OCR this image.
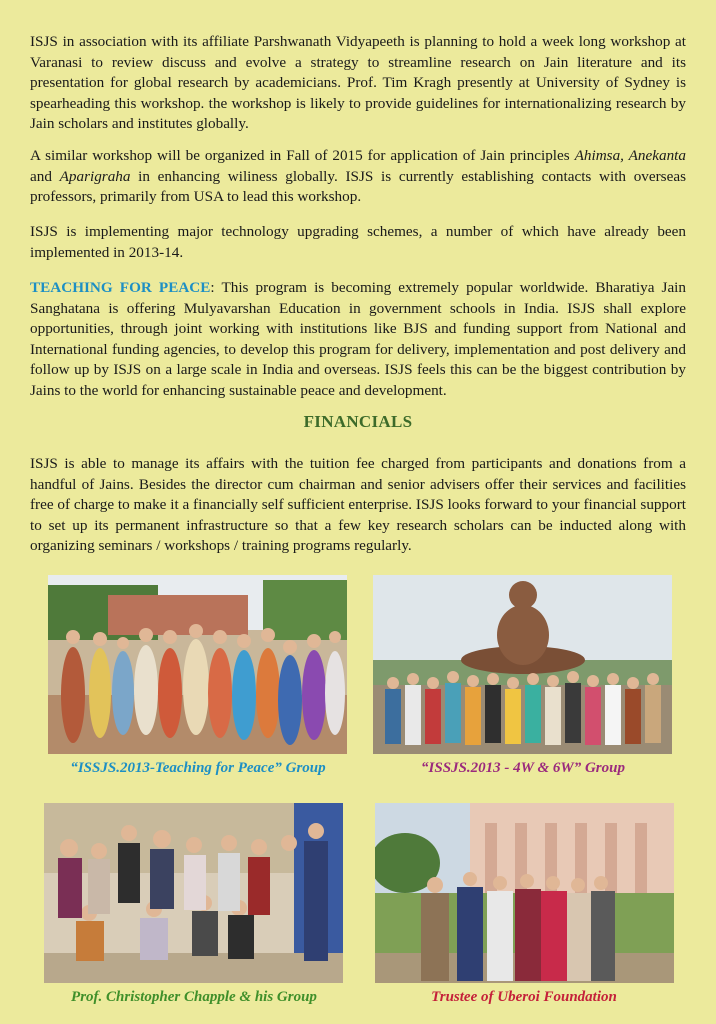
ISJS in association with its affiliate Parshwanath Vidyapeeth is planning to hold a week long workshop at Varanasi to review discuss and evolve a strategy to streamline research on Jain literature and its presentation for global research by academicians. Prof. Tim Kragh presently at University of Sydney is spearheading this workshop. the workshop is likely to provide guidelines for internationalizing research by Jain scholars and institutes globally.

A similar workshop will be organized in Fall of 2015 for application of Jain principles Ahimsa, Anekanta and Aparigraha in enhancing wiliness globally. ISJS is currently establishing contacts with overseas professors, primarily from USA to lead this workshop.

ISJS is implementing major technology upgrading schemes, a number of which have already been implemented in 2013-14.

TEACHING FOR PEACE: This program is becoming extremely popular worldwide. Bharatiya Jain Sanghatana is offering Mulyavarshan Education in government schools in India. ISJS shall explore opportunities, through joint working with institutions like BJS and funding support from National and International funding agencies, to develop this program for delivery, implementation and post delivery and follow up by ISJS on a large scale in India and overseas. ISJS feels this can be the biggest contribution by Jains to the world for enhancing sustainable peace and development.

FINANCIALS

ISJS is able to manage its affairs with the tuition fee charged from participants and donations from a handful of Jains. Besides the director cum chairman and senior advisers offer their services and facilities free of charge to make it a financially self sufficient enterprise. ISJS looks forward to your financial support to set up its permanent infrastructure so that a few key research scholars can be inducted along with organizing seminars / workshops / training programs regularly.

“ISSJS.2013-Teaching for Peace” Group	“ISSJS.2013 - 4W & 6W” Group
Prof. Christopher Chapple & his Group	Trustee of Uberoi Foundation
